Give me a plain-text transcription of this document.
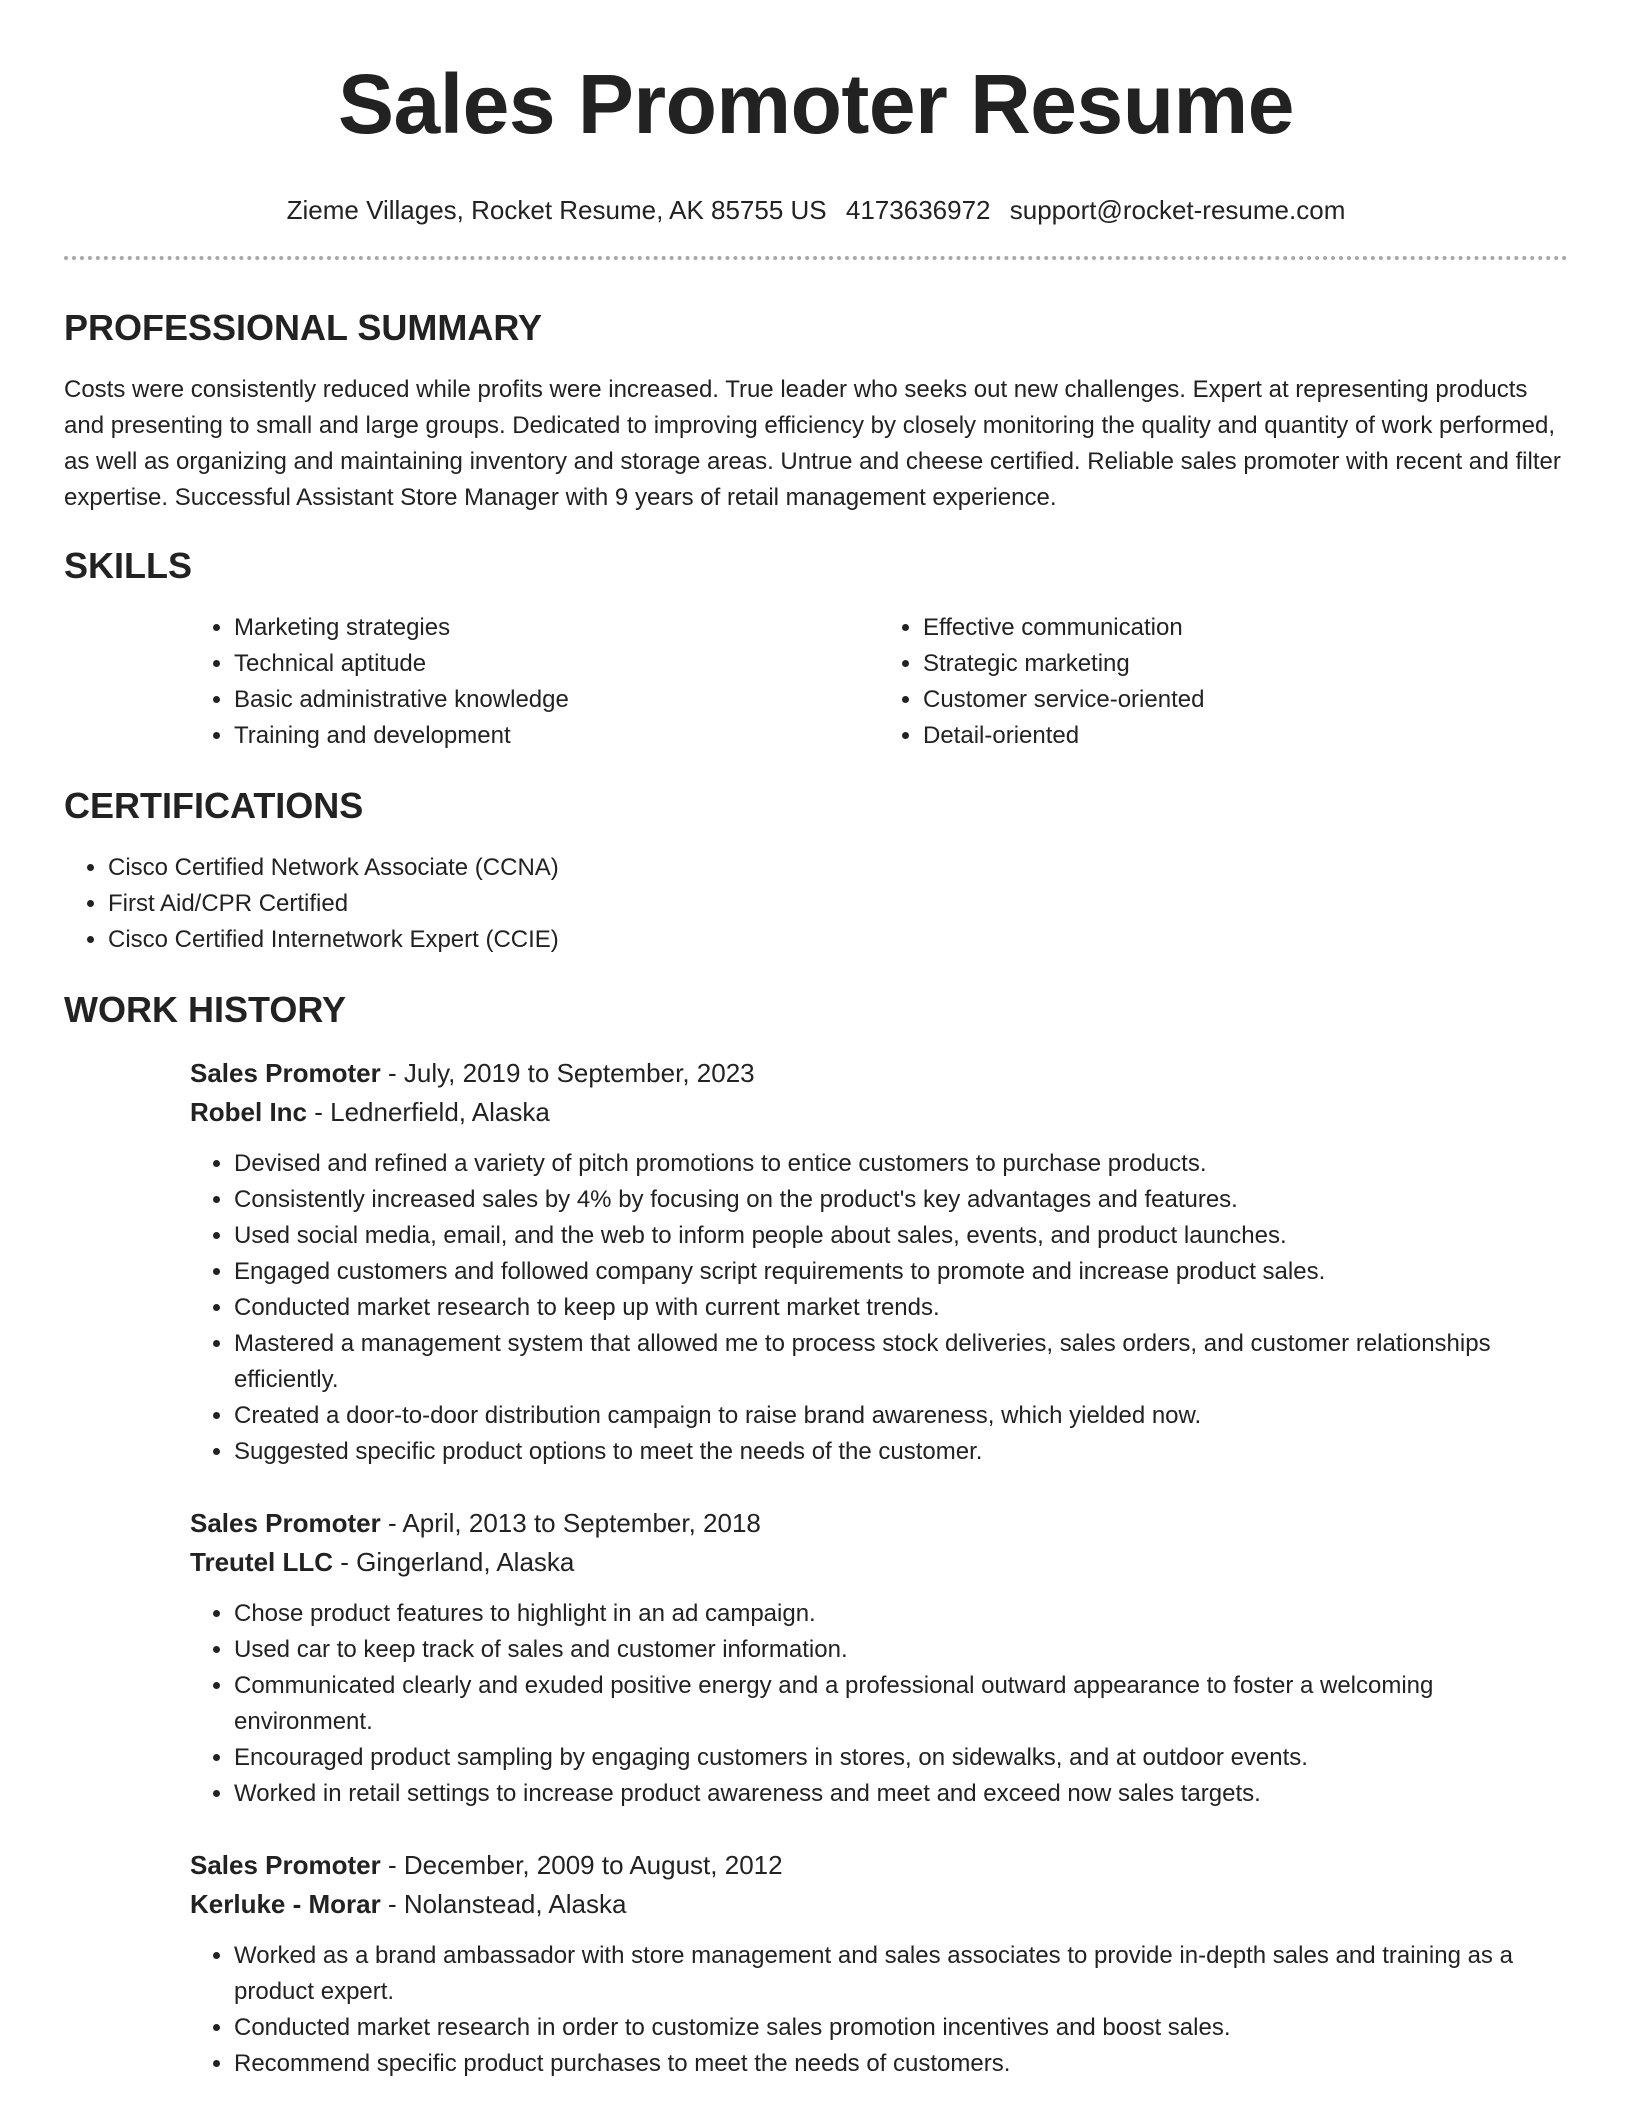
Sales Promoter Resume
Zieme Villages, Rocket Resume, AK 85755 US 4173636972 support@rocket-resume.com
PROFESSIONAL SUMMARY

Costs were consistently reduced while profits were increased. True leader who seeks out new challenges. Expert at representing products and presenting to small and large groups. Dedicated to improving efficiency by closely monitoring the quality and quantity of work performed, as well as organizing and maintaining inventory and storage areas. Untrue and cheese certified. Reliable sales promoter with recent and filter expertise. Successful Assistant Store Manager with 9 years of retail management experience.

SKILLS
• Marketing strategies
• Technical aptitude
• Basic administrative knowledge
• Training and development
• Effective communication
• Strategic marketing
• Customer service-oriented
• Detail-oriented
CERTIFICATIONS
• Cisco Certified Network Associate (CCNA)
• First Aid/CPR Certified
• Cisco Certified Internetwork Expert (CCIE)
WORK HISTORY
Sales Promoter - July, 2019 to September, 2023
Robel Inc - Lednerfield, Alaska
• Devised and refined a variety of pitch promotions to entice customers to purchase products.
• Consistently increased sales by 4% by focusing on the product's key advantages and features.
• Used social media, email, and the web to inform people about sales, events, and product launches.
• Engaged customers and followed company script requirements to promote and increase product sales.
• Conducted market research to keep up with current market trends.
• Mastered a management system that allowed me to process stock deliveries, sales orders, and customer relationships efficiently.
• Created a door-to-door distribution campaign to raise brand awareness, which yielded now.
• Suggested specific product options to meet the needs of the customer.
Sales Promoter - April, 2013 to September, 2018
Treutel LLC - Gingerland, Alaska
• Chose product features to highlight in an ad campaign.
• Used car to keep track of sales and customer information.
• Communicated clearly and exuded positive energy and a professional outward appearance to foster a welcoming environment.
• Encouraged product sampling by engaging customers in stores, on sidewalks, and at outdoor events.
• Worked in retail settings to increase product awareness and meet and exceed now sales targets.
Sales Promoter - December, 2009 to August, 2012
Kerluke - Morar - Nolanstead, Alaska
• Worked as a brand ambassador with store management and sales associates to provide in-depth sales and training as a product expert.
• Conducted market research in order to customize sales promotion incentives and boost sales.
• Recommend specific product purchases to meet the needs of customers.
